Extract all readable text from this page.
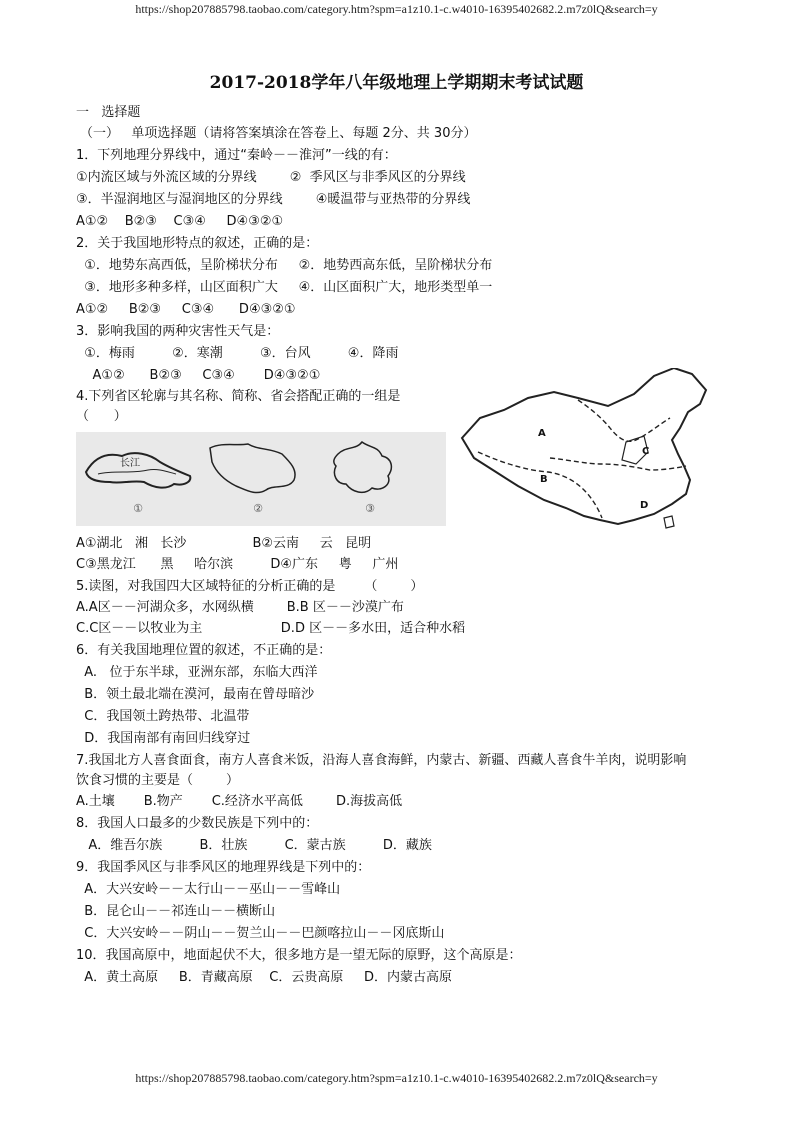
https://shop207885798.taobao.com/category.htm?spm=a1z10.1-c.w4010-16395402682.2.m7z0lQ&search=y
2017-2018学年八年级地理上学期期末考试试题
一   选择题
（一）   单项选择题（请将答案填涂在答卷上、每题 2分、共 30分）
1．下列地理分界线中，通过“秦岭－－淮河”一线的有：
①内流区域与外流区域的分界线        ②  季风区与非季风区的分界线
③．半湿润地区与湿润地区的分界线        ④暖温带与亚热带的分界线
A①②    B②③    C③④     D④③②①
2．关于我国地形特点的叙述，正确的是：
①．地势东高西低，呈阶梯状分布     ②．地势西高东低，呈阶梯状分布
③．地形多种多样，山区面积广大     ④．山区面积广大，地形类型单一
A①②     B②③     C③④      D④③②①
3．影响我国的两种灾害性天气是：
①．梅雨         ②．寒潮         ③．台风         ④．降雨
A①②      B②③     C③④       D④③②①
4.下列省区轮廓与其名称、简称、省会搭配正确的一组是
（      ）
长江
①	②	③
A①湖北   湘   长沙                B②云南     云   昆明
C③黑龙江      黑     哈尔滨         D④广东     粤     广州
A
B
C
D
5.读图，对我国四大区域特征的分析正确的是       （        ）
A.A区－－河湖众多，水网纵横        B.B 区－－沙漠广布
C.C区－－以牧业为主                   D.D 区－－多水田，适合种水稻
6．有关我国地理位置的叙述，不正确的是：
A.   位于东半球，亚洲东部，东临大西洋
B．领土最北端在漠河，最南在曾母暗沙
C．我国领土跨热带、北温带
D．我国南部有南回归线穿过
7.我国北方人喜食面食，南方人喜食米饭，沿海人喜食海鲜，内蒙古、新疆、西藏人喜食牛羊肉，说明影响
饮食习惯的主要是（        ）
A.土壤       B.物产       C.经济水平高低        D.海拔高低
8．我国人口最多的少数民族是下列中的：
A．维吾尔族         B．壮族         C．蒙古族         D．藏族
9．我国季风区与非季风区的地理界线是下列中的：
A．大兴安岭－－太行山－－巫山－－雪峰山
B．昆仑山－－祁连山－－横断山
C．大兴安岭－－阴山－－贺兰山－－巴颜喀拉山－－冈底斯山
10．我国高原中，地面起伏不大，很多地方是一望无际的原野，这个高原是：
A．黄土高原     B．青藏高原    C．云贵高原     D．内蒙古高原
https://shop207885798.taobao.com/category.htm?spm=a1z10.1-c.w4010-16395402682.2.m7z0lQ&search=y
